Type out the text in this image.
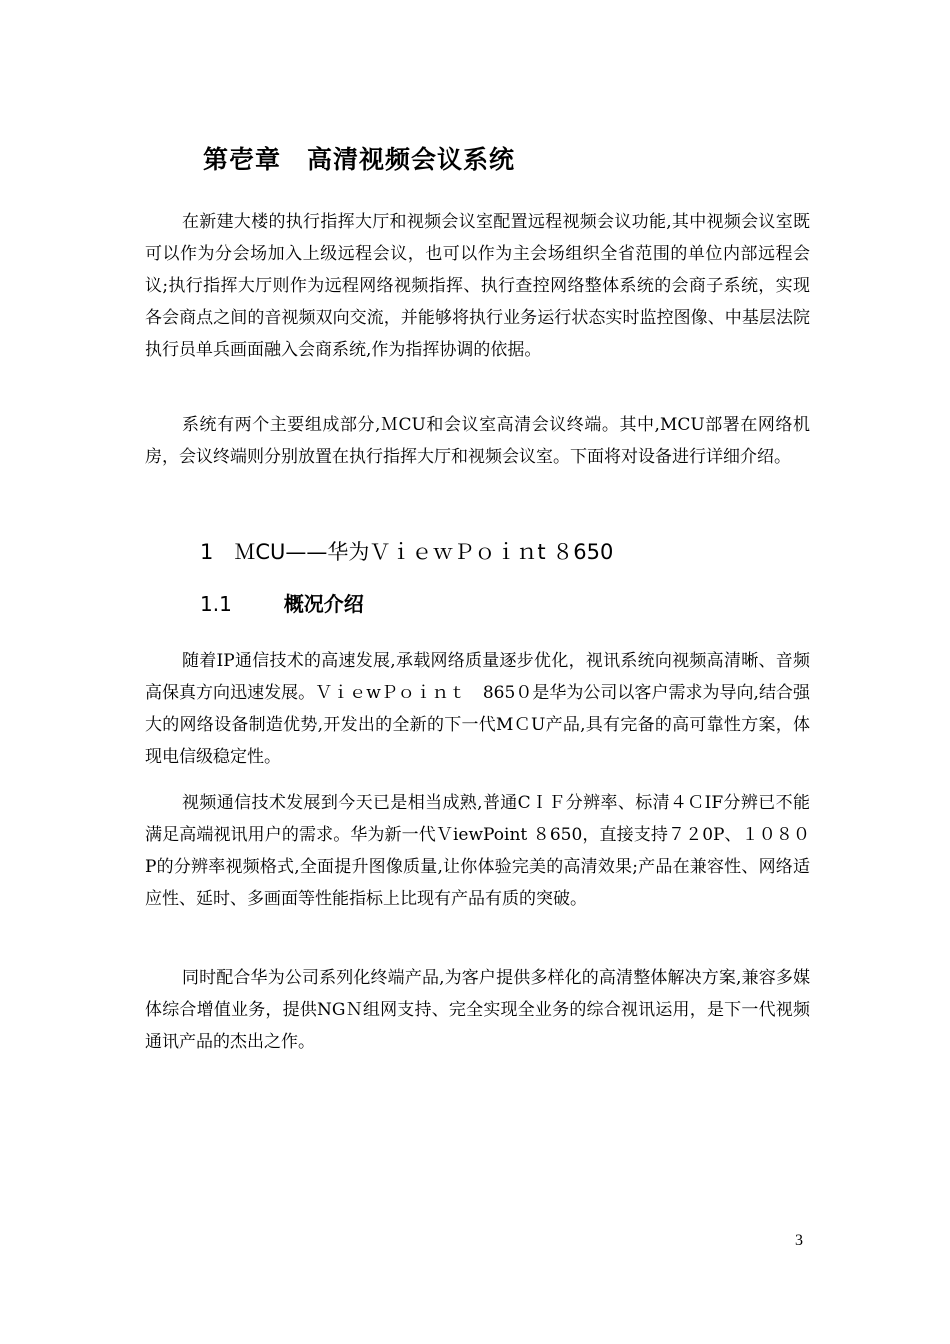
第壱章　高清视频会议系统

在新建大楼的执行指挥大厅和视频会议室配置远程视频会议功能,其中视频会议室既可以作为分会场加入上级远程会议，也可以作为主会场组织全省范围的单位内部远程会议;执行指挥大厅则作为远程网络视频指挥、执行查控网络整体系统的会商子系统，实现各会商点之间的音视频双向交流，并能够将执行业务运行状态实时监控图像、中基层法院执行员单兵画面融入会商系统,作为指挥协调的依据。

系统有两个主要组成部分,ＭCU和会议室高清会议终端。其中,MCU部署在网络机房，会议终端则分别放置在执行指挥大厅和视频会议室。下面将对设备进行详细介绍。

1　ＭCU——华为ＶｉｅｗＰｏｉｎt ８650
1.1	概况介绍

随着IP通信技术的高速发展,承载网络质量逐步优化，视讯系统向视频高清晰、音频高保真方向迅速发展。ＶｉｅwＰｏｉｎｔ　865０是华为公司以客户需求为导向,结合强大的网络设备制造优势,开发出的全新的下一代MＣU产品,具有完备的高可靠性方案，体现电信级稳定性。

视频通信技术发展到今天已是相当成熟,普通CＩＦ分辨率、标清４ＣIF分辨已不能满足高端视讯用户的需求。华为新一代ＶiewPoint ８650，直接支持７２0P、１０８０P的分辨率视频格式,全面提升图像质量,让你体验完美的高清效果;产品在兼容性、网络适应性、延时、多画面等性能指标上比现有产品有质的突破。

同时配合华为公司系列化终端产品,为客户提供多样化的高清整体解决方案,兼容多媒体综合增值业务，提供NGＮ组网支持、完全实现全业务的综合视讯运用，是下一代视频通讯产品的杰出之作。

3
